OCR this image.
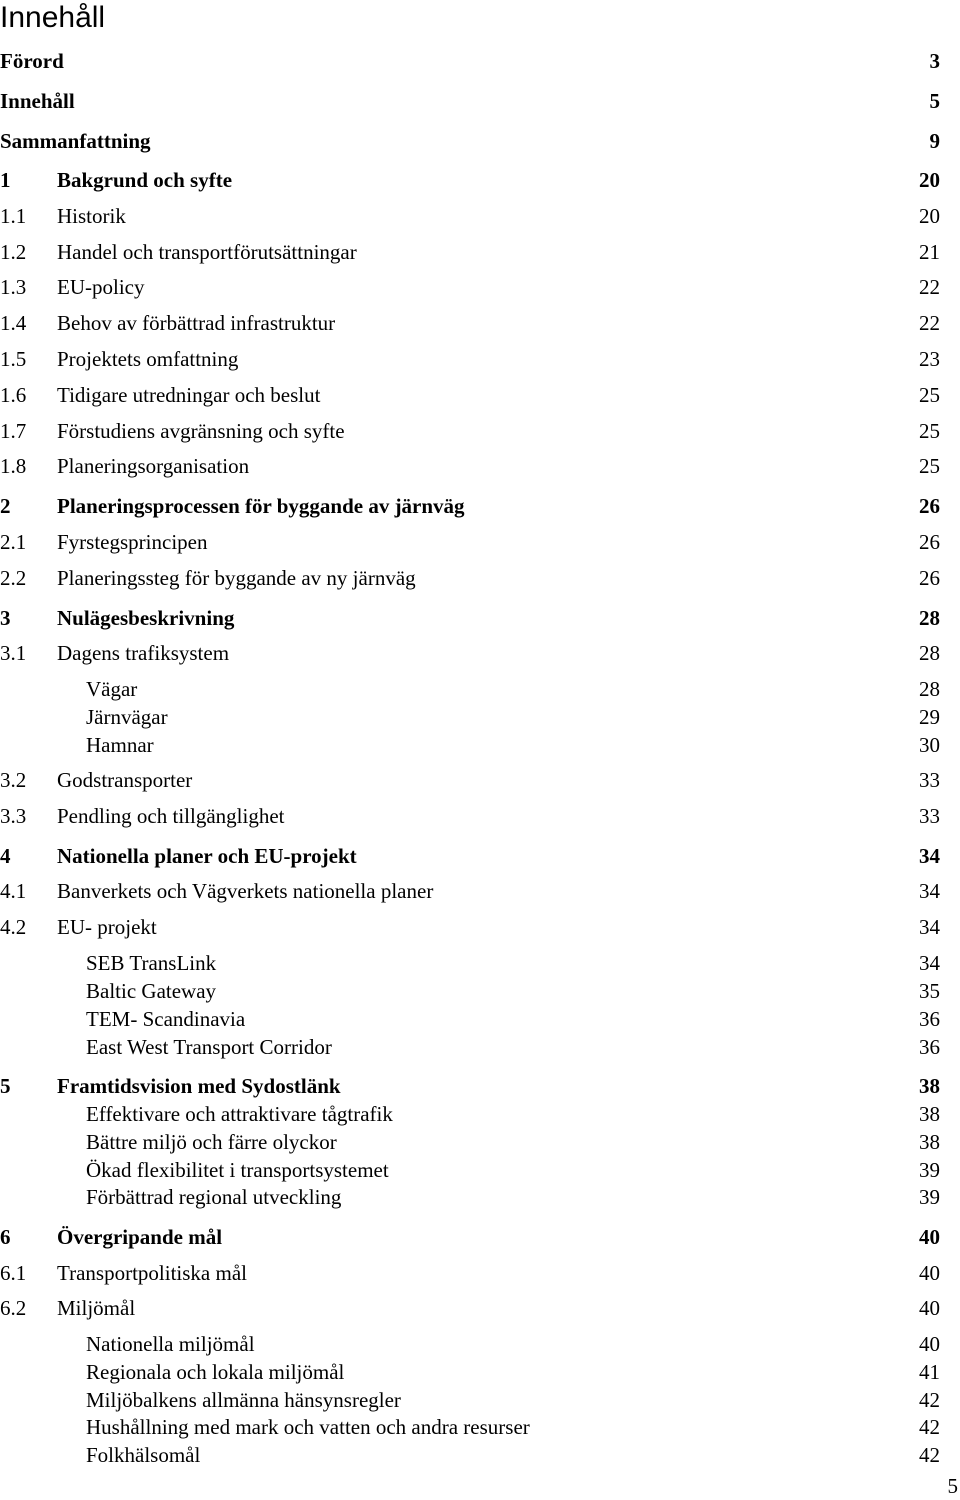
Innehåll
Förord	3
Innehåll	5
Sammanfattning	9
1 Bakgrund och syfte	20
1.1 Historik	20
1.2 Handel och transportförutsättningar	21
1.3 EU-policy	22
1.4 Behov av förbättrad infrastruktur	22
1.5 Projektets omfattning	23
1.6 Tidigare utredningar och beslut	25
1.7 Förstudiens avgränsning och syfte	25
1.8 Planeringsorganisation	25
2 Planeringsprocessen för byggande av järnväg	26
2.1 Fyrstegsprincipen	26
2.2 Planeringssteg för byggande av ny järnväg	26
3 Nulägesbeskrivning	28
3.1 Dagens trafiksystem	28
Vägar	28
Järnvägar	29
Hamnar	30
3.2 Godstransporter	33
3.3 Pendling och tillgänglighet	33
4 Nationella planer och EU-projekt	34
4.1 Banverkets och Vägverkets nationella planer	34
4.2 EU- projekt	34
SEB TransLink	34
Baltic Gateway	35
TEM- Scandinavia	36
East West Transport Corridor	36
5 Framtidsvision med Sydostlänk	38
Effektivare och attraktivare tågtrafik	38
Bättre miljö och färre olyckor	38
Ökad flexibilitet i transportsystemet	39
Förbättrad regional utveckling	39
6 Övergripande mål	40
6.1 Transportpolitiska mål	40
6.2 Miljömål	40
Nationella miljömål	40
Regionala och lokala miljömål	41
Miljöbalkens allmänna hänsynsregler	42
Hushållning med mark och vatten och andra resurser	42
Folkhälsomål	42
5
